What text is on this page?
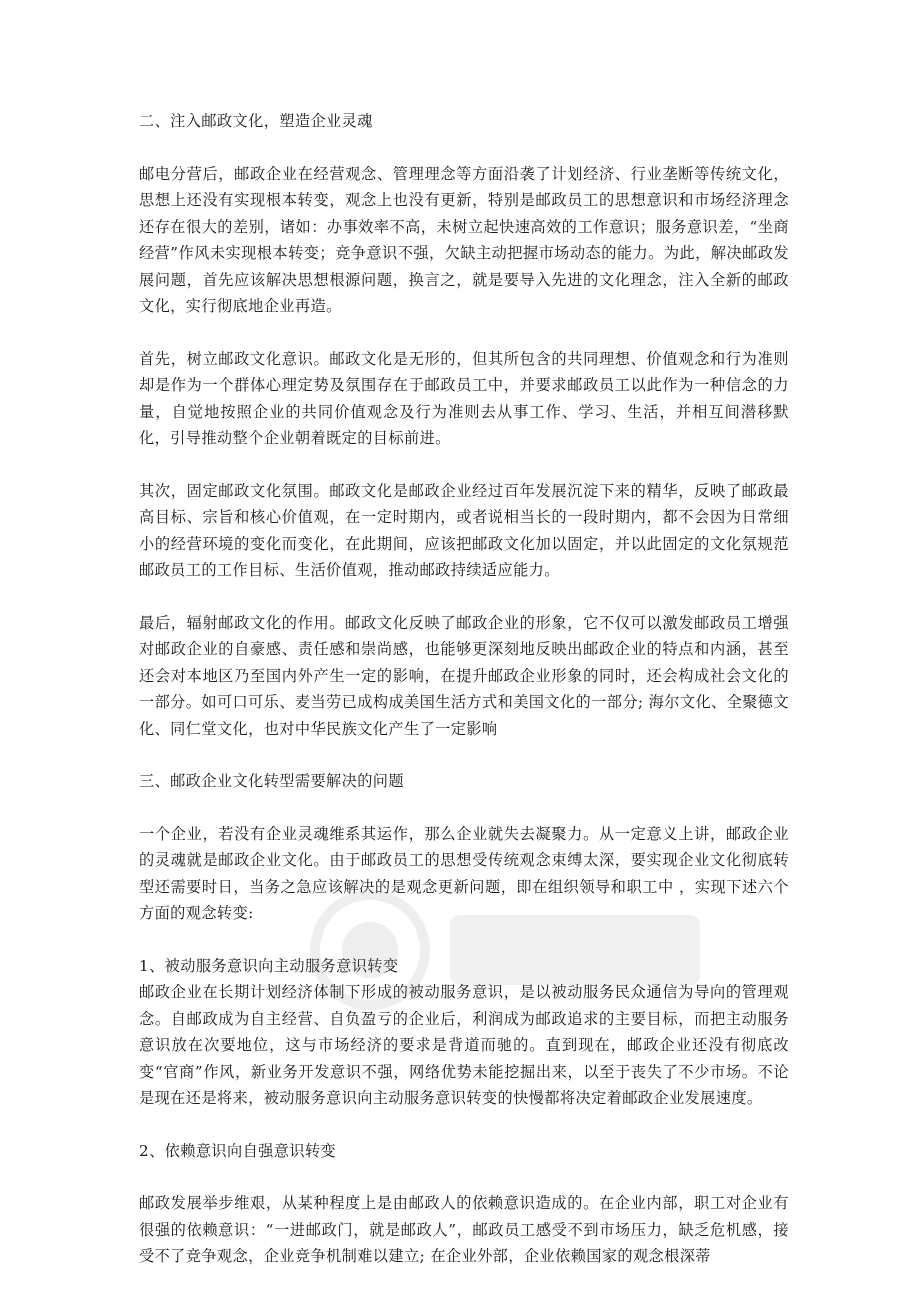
二、注入邮政文化，塑造企业灵魂

邮电分营后，邮政企业在经营观念、管理理念等方面沿袭了计划经济、行业垄断等传统文化，思想上还没有实现根本转变，观念上也没有更新，特别是邮政员工的思想意识和市场经济理念还存在很大的差别，诸如：办事效率不高，未树立起快速高效的工作意识；服务意识差，“坐商经营”作风未实现根本转变；竞争意识不强，欠缺主动把握市场动态的能力。为此，解决邮政发展问题，首先应该解决思想根源问题，换言之，就是要导入先进的文化理念，注入全新的邮政文化，实行彻底地企业再造。

首先，树立邮政文化意识。邮政文化是无形的，但其所包含的共同理想、价值观念和行为准则却是作为一个群体心理定势及氛围存在于邮政员工中，并要求邮政员工以此作为一种信念的力量，自觉地按照企业的共同价值观念及行为准则去从事工作、学习、生活，并相互间潜移默化，引导推动整个企业朝着既定的目标前进。

其次，固定邮政文化氛围。邮政文化是邮政企业经过百年发展沉淀下来的精华，反映了邮政最高目标、宗旨和核心价值观，在一定时期内，或者说相当长的一段时期内，都不会因为日常细小的经营环境的变化而变化，在此期间，应该把邮政文化加以固定，并以此固定的文化氛规范邮政员工的工作目标、生活价值观，推动邮政持续适应能力。

最后，辐射邮政文化的作用。邮政文化反映了邮政企业的形象，它不仅可以激发邮政员工增强对邮政企业的自豪感、责任感和崇尚感，也能够更深刻地反映出邮政企业的特点和内涵，甚至还会对本地区乃至国内外产生一定的影响，在提升邮政企业形象的同时，还会构成社会文化的一部分。如可口可乐、麦当劳已成构成美国生活方式和美国文化的一部分; 海尔文化、全聚德文化、同仁堂文化，也对中华民族文化产生了一定影响

三、邮政企业文化转型需要解决的问题

一个企业，若没有企业灵魂维系其运作，那么企业就失去凝聚力。从一定意义上讲，邮政企业的灵魂就是邮政企业文化。由于邮政员工的思想受传统观念束缚太深，要实现企业文化彻底转型还需要时日，当务之急应该解决的是观念更新问题，即在组织领导和职工中 ，实现下述六个方面的观念转变:

1、被动服务意识向主动服务意识转变

邮政企业在长期计划经济体制下形成的被动服务意识，是以被动服务民众通信为导向的管理观念。自邮政成为自主经营、自负盈亏的企业后，利润成为邮政追求的主要目标，而把主动服务意识放在次要地位，这与市场经济的要求是背道而驰的。直到现在，邮政企业还没有彻底改变“官商”作风，新业务开发意识不强，网络优势未能挖掘出来，以至于丧失了不少市场。不论是现在还是将来，被动服务意识向主动服务意识转变的快慢都将决定着邮政企业发展速度。

2、依赖意识向自强意识转变

邮政发展举步维艰，从某种程度上是由邮政人的依赖意识造成的。在企业内部，职工对企业有很强的依赖意识：“一进邮政门，就是邮政人”，邮政员工感受不到市场压力，缺乏危机感，接受不了竞争观念，企业竞争机制难以建立; 在企业外部，企业依赖国家的观念根深蒂
